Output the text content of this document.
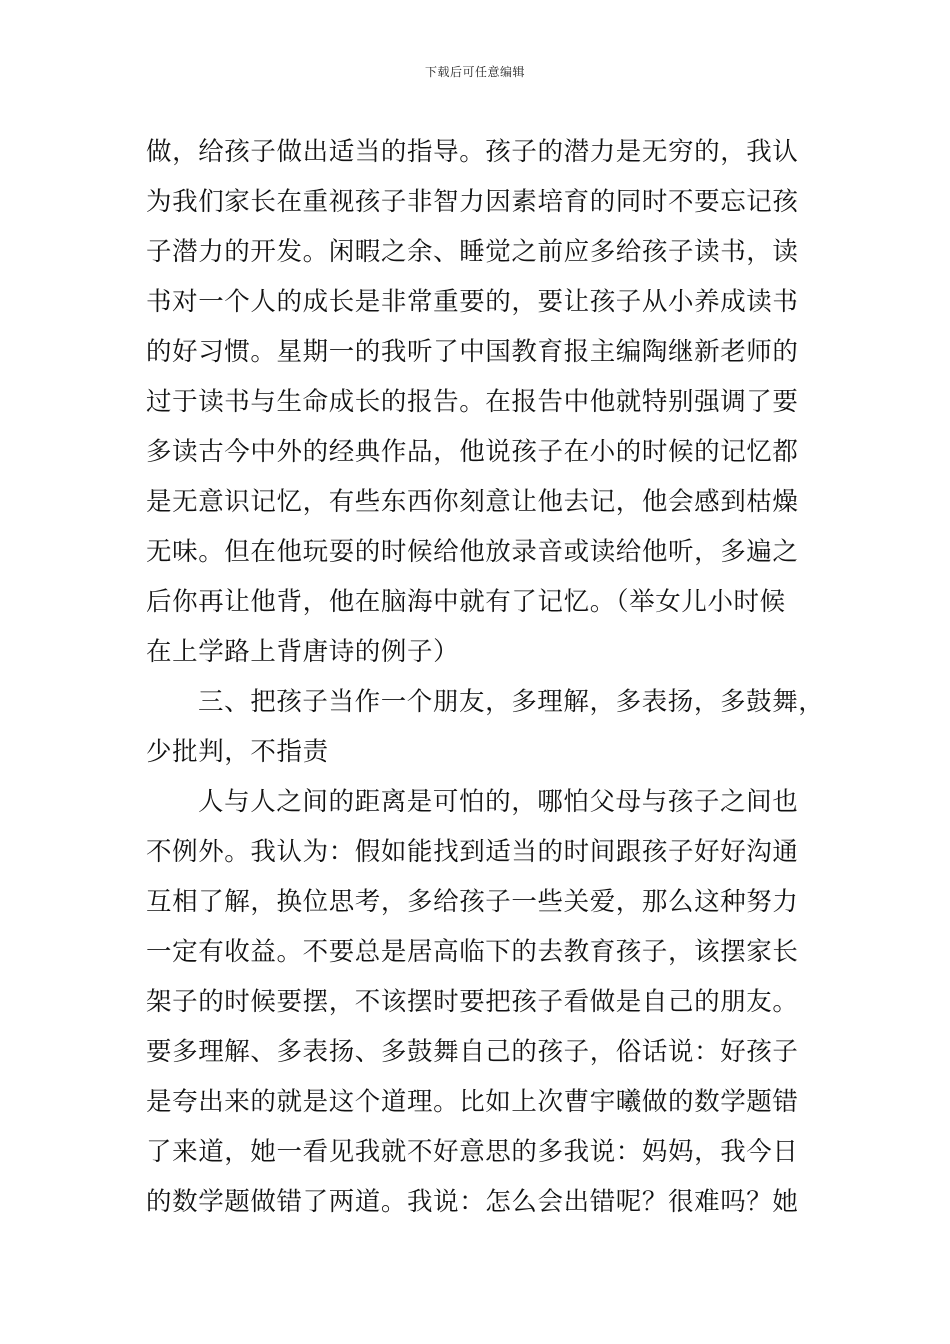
下载后可任意编辑
做，给孩子做出适当的指导。孩子的潜力是无穷的，我认
为我们家长在重视孩子非智力因素培育的同时不要忘记孩
子潜力的开发。闲暇之余、睡觉之前应多给孩子读书，读
书对一个人的成长是非常重要的，要让孩子从小养成读书
的好习惯。星期一的我听了中国教育报主编陶继新老师的
过于读书与生命成长的报告。在报告中他就特别强调了要
多读古今中外的经典作品，他说孩子在小的时候的记忆都
是无意识记忆，有些东西你刻意让他去记，他会感到枯燥
无味。但在他玩耍的时候给他放录音或读给他听，多遍之
后你再让他背，他在脑海中就有了记忆。（举女儿小时候
在上学路上背唐诗的例子）
三、把孩子当作一个朋友，多理解，多表扬，多鼓舞，
少批判，不指责
人与人之间的距离是可怕的，哪怕父母与孩子之间也
不例外。我认为：假如能找到适当的时间跟孩子好好沟通
互相了解，换位思考，多给孩子一些关爱，那么这种努力
一定有收益。不要总是居高临下的去教育孩子，该摆家长
架子的时候要摆，不该摆时要把孩子看做是自己的朋友。
要多理解、多表扬、多鼓舞自己的孩子，俗话说：好孩子
是夸出来的就是这个道理。比如上次曹宇曦做的数学题错
了来道，她一看见我就不好意思的多我说：妈妈，我今日
的数学题做错了两道。我说：怎么会出错呢？很难吗？她
